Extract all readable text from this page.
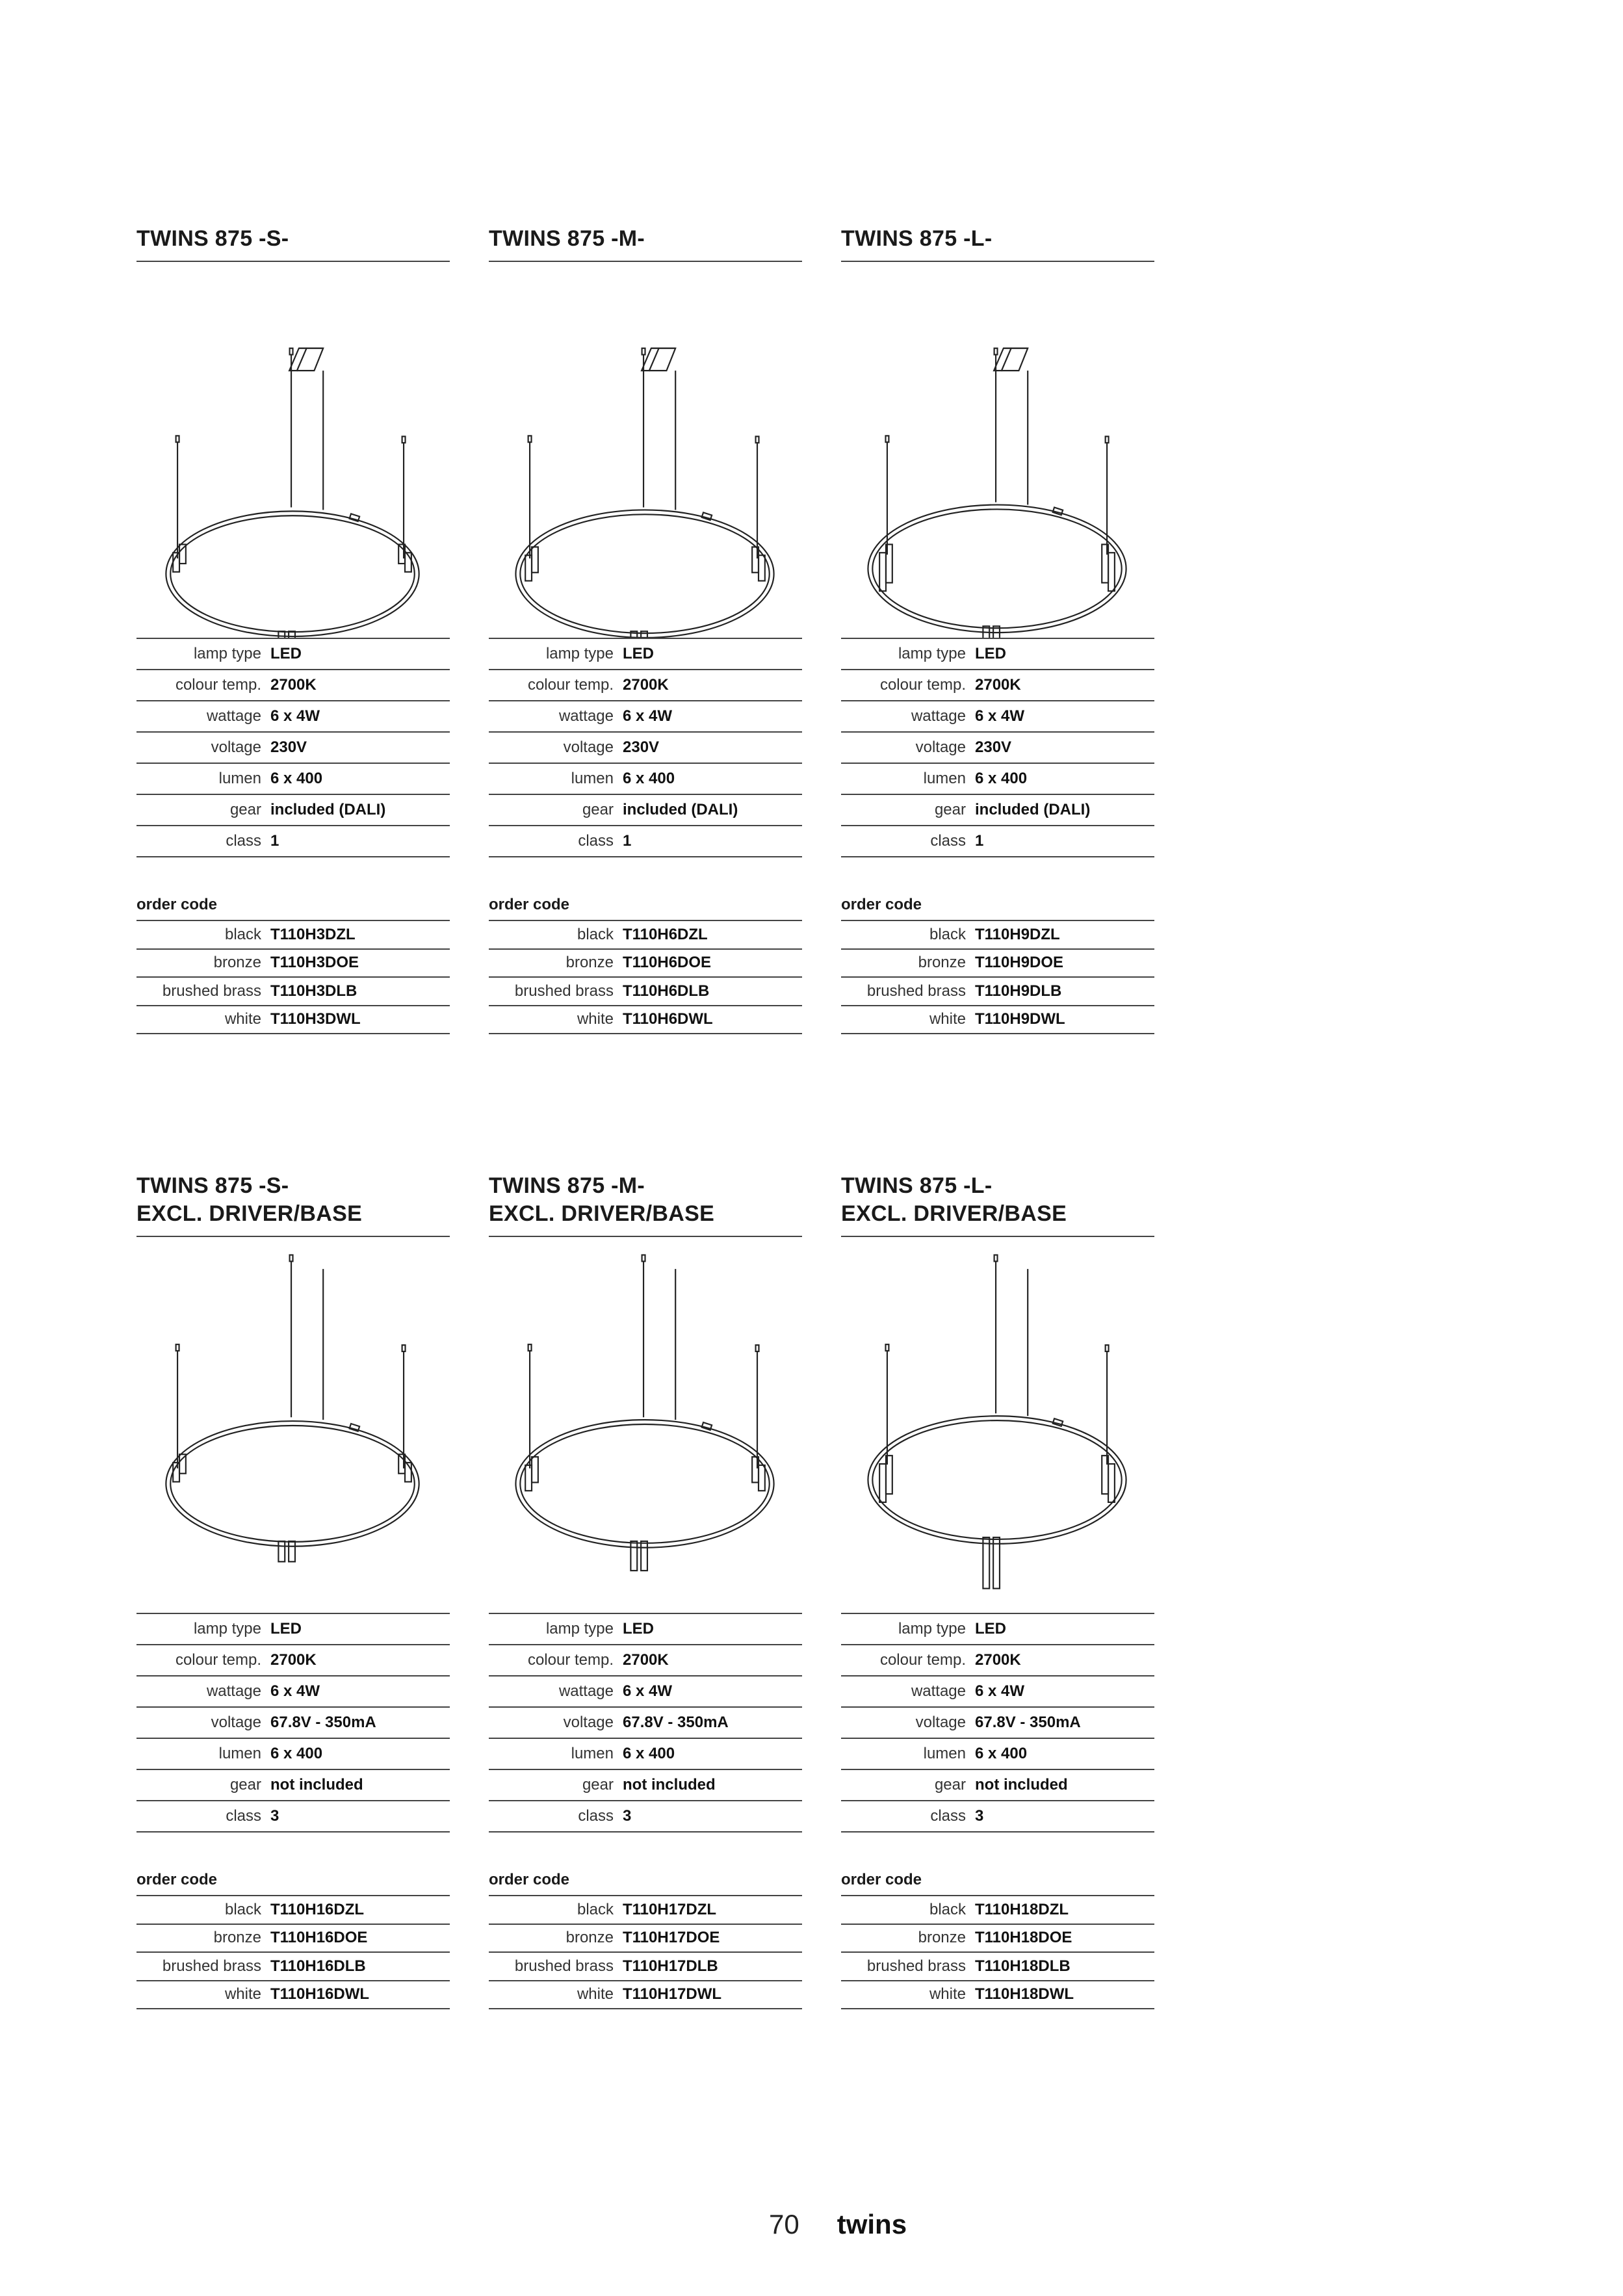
TWINS 875 -S-
lamp type LED
colour temp. 2700K
wattage 6 x 4W
voltage 230V
lumen 6 x 400
gear included (DALI)
class 1
order code
black T110H3DZL
bronze T110H3DOE
brushed brass T110H3DLB
white T110H3DWL
TWINS 875 -M-
lamp type LED
colour temp. 2700K
wattage 6 x 4W
voltage 230V
lumen 6 x 400
gear included (DALI)
class 1
order code
black T110H6DZL
bronze T110H6DOE
brushed brass T110H6DLB
white T110H6DWL
TWINS 875 -L-
lamp type LED
colour temp. 2700K
wattage 6 x 4W
voltage 230V
lumen 6 x 400
gear included (DALI)
class 1
order code
black T110H9DZL
bronze T110H9DOE
brushed brass T110H9DLB
white T110H9DWL
TWINS 875 -S-
EXCL. DRIVER/BASE
lamp type LED
colour temp. 2700K
wattage 6 x 4W
voltage 67.8V - 350mA
lumen 6 x 400
gear not included
class 3
order code
black T110H16DZL
bronze T110H16DOE
brushed brass T110H16DLB
white T110H16DWL
TWINS 875 -M-
EXCL. DRIVER/BASE
lamp type LED
colour temp. 2700K
wattage 6 x 4W
voltage 67.8V - 350mA
lumen 6 x 400
gear not included
class 3
order code
black T110H17DZL
bronze T110H17DOE
brushed brass T110H17DLB
white T110H17DWL
TWINS 875 -L-
EXCL. DRIVER/BASE
lamp type LED
colour temp. 2700K
wattage 6 x 4W
voltage 67.8V - 350mA
lumen 6 x 400
gear not included
class 3
order code
black T110H18DZL
bronze T110H18DOE
brushed brass T110H18DLB
white T110H18DWL
70 twins
